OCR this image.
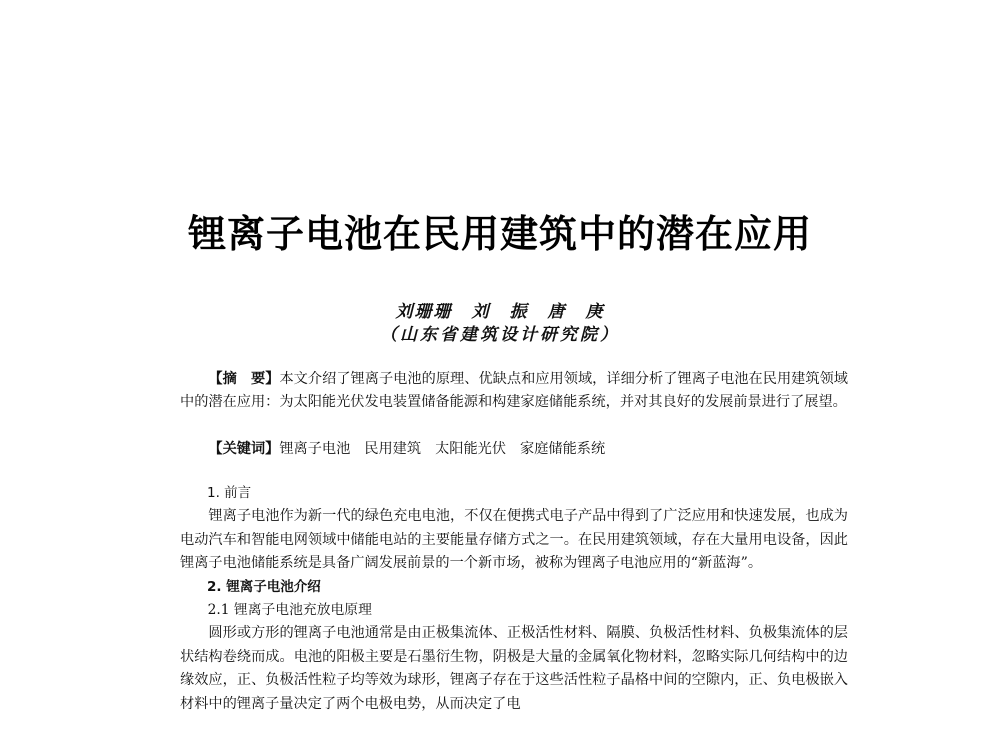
锂离子电池在民用建筑中的潜在应用
刘珊珊　刘　振　唐　庚
（山东省建筑设计研究院）

【摘　要】本文介绍了锂离子电池的原理、优缺点和应用领域，详细分析了锂离子电池在民用建筑领域中的潜在应用：为太阳能光伏发电装置储备能源和构建家庭储能系统，并对其良好的发展前景进行了展望。

【关键词】锂离子电池 民用建筑 太阳能光伏 家庭储能系统

1. 前言

锂离子电池作为新一代的绿色充电电池，不仅在便携式电子产品中得到了广泛应用和快速发展，也成为电动汽车和智能电网领域中储能电站的主要能量存储方式之一。在民用建筑领域，存在大量用电设备，因此锂离子电池储能系统是具备广阔发展前景的一个新市场，被称为锂离子电池应用的“新蓝海”。

2. 锂离子电池介绍

2.1 锂离子电池充放电原理

圆形或方形的锂离子电池通常是由正极集流体、正极活性材料、隔膜、负极活性材料、负极集流体的层状结构卷绕而成。电池的阳极主要是石墨衍生物，阴极是大量的金属氧化物材料，忽略实际几何结构中的边缘效应，正、负极活性粒子均等效为球形，锂离子存在于这些活性粒子晶格中间的空隙内，正、负电极嵌入材料中的锂离子量决定了两个电极电势，从而决定了电
